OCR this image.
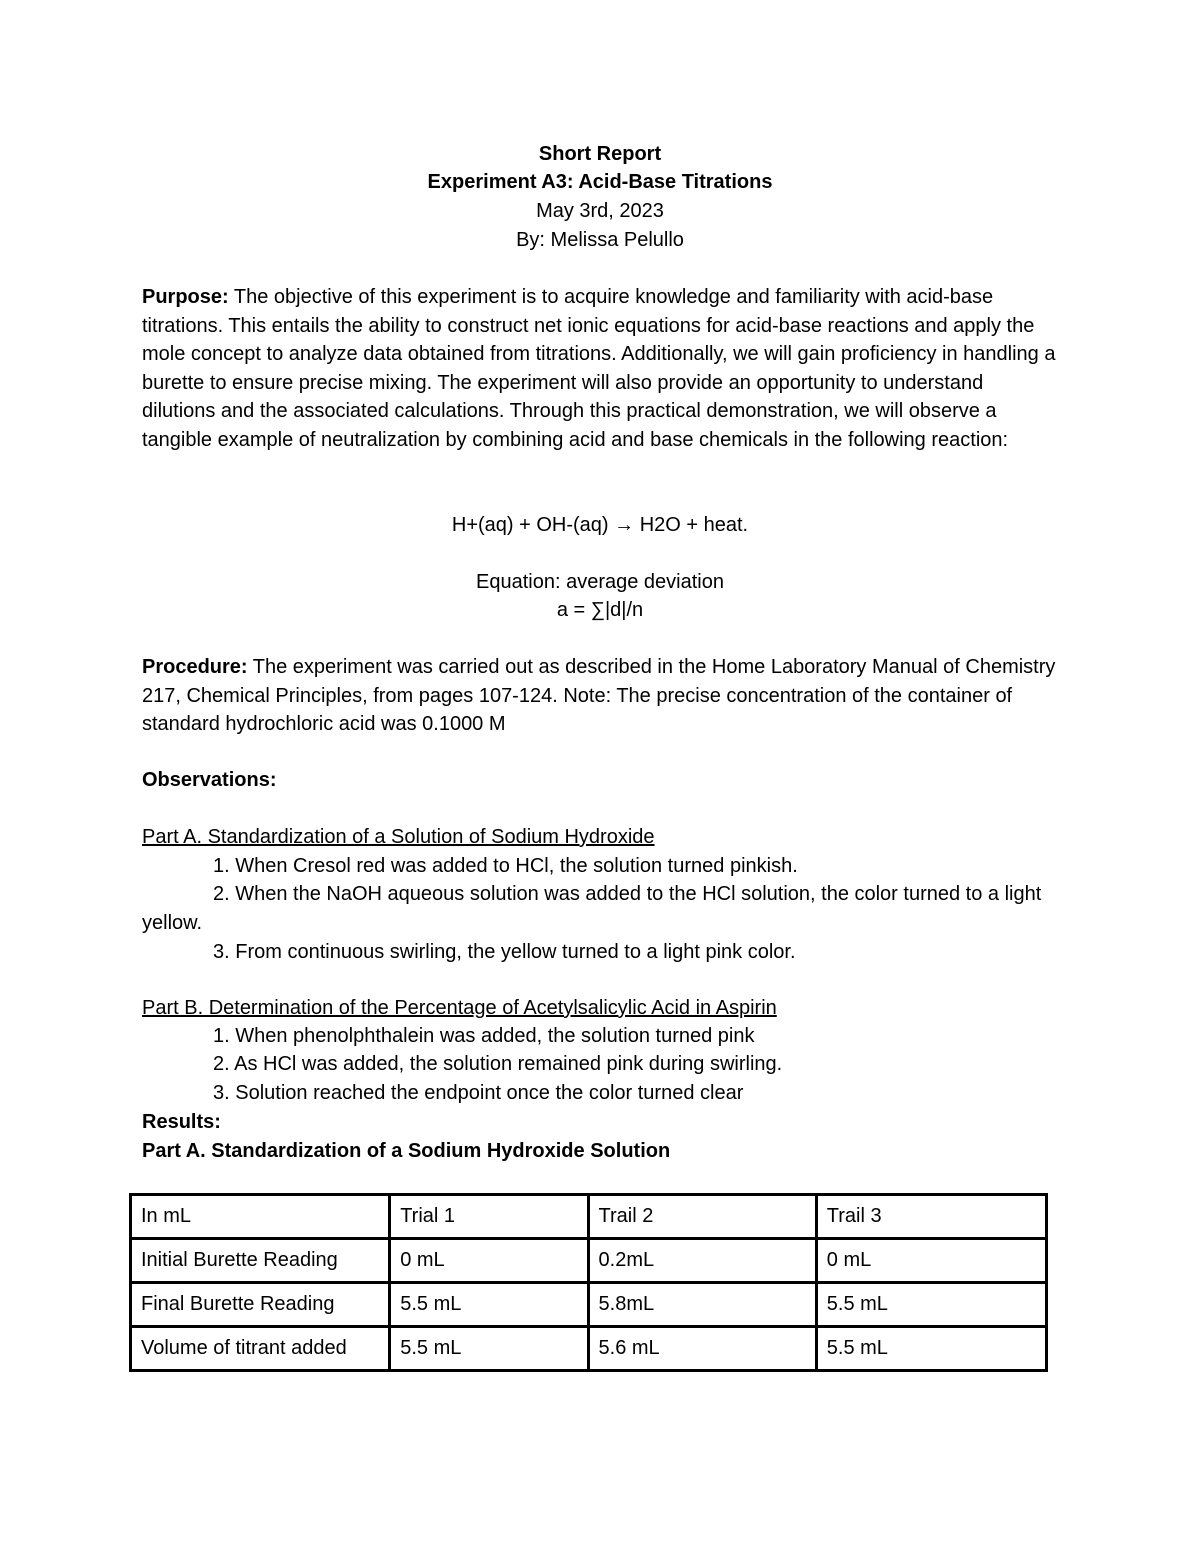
Short Report
Experiment A3: Acid-Base Titrations
May 3rd, 2023
By: Melissa Pelullo

Purpose: The objective of this experiment is to acquire knowledge and familiarity with acid-base titrations. This entails the ability to construct net ionic equations for acid-base reactions and apply the mole concept to analyze data obtained from titrations. Additionally, we will gain proficiency in handling a burette to ensure precise mixing. The experiment will also provide an opportunity to understand dilutions and the associated calculations. Through this practical demonstration, we will observe a tangible example of neutralization by combining acid and base chemicals in the following reaction:

H+(aq) + OH-(aq) → H2O + heat.
Equation: average deviation
a = ∑|d|/n

Procedure: The experiment was carried out as described in the Home Laboratory Manual of Chemistry 217, Chemical Principles, from pages 107-124. Note: The precise concentration of the container of standard hydrochloric acid was 0.1000 M

Observations:
Part A. Standardization of a Solution of Sodium Hydroxide
1. When Cresol red was added to HCl, the solution turned pinkish.
2. When the NaOH aqueous solution was added to the HCl solution, the color turned to a light yellow.
3. From continuous swirling, the yellow turned to a light pink color.
Part B. Determination of the Percentage of Acetylsalicylic Acid in Aspirin
1. When phenolphthalein was added, the solution turned pink
2. As HCl was added, the solution remained pink during swirling.
3. Solution reached the endpoint once the color turned clear
Results:
Part A. Standardization of a Sodium Hydroxide Solution
In mL	Trial 1	Trail 2	Trail 3
Initial Burette Reading	0 mL	0.2mL	0 mL
Final Burette Reading	5.5 mL	5.8mL	5.5 mL
Volume of titrant added	5.5 mL	5.6 mL	5.5 mL
